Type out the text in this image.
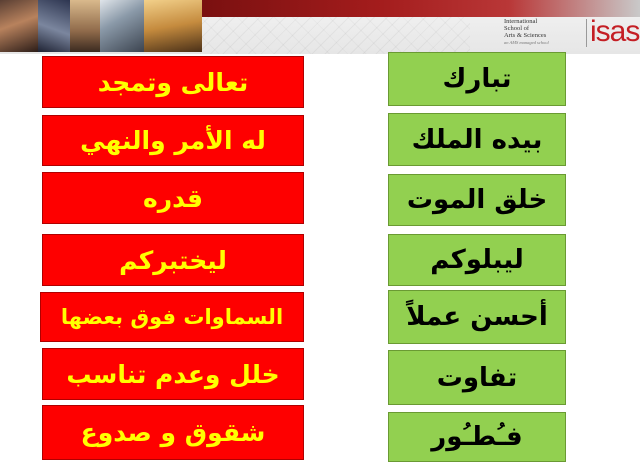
International
School of
Arts & Sciences
an AMS managed school	isas
تعالى وتمجد
له الأمر والنهي
قدره
ليختبركم
السماوات فوق بعضها
خلل وعدم تناسب
شقوق و صدوع
تبارك
بيده الملك
خلق الموت
ليبلوكم
أحسن عملاً
تفاوت
فـُطـُور
